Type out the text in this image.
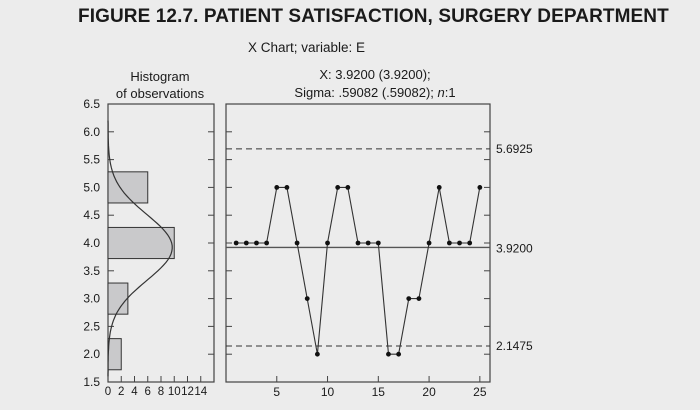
FIGURE 12.7. PATIENT SATISFACTION, SURGERY DEPARTMENT
X Chart; variable: E
Histogram
of observations
X: 3.9200 (3.9200);
Sigma: .59082 (.59082); n:1
1.5
2.0
2.5
3.0
3.5
4.0
4.5
5.0
5.5
6.0
6.5
0 2 4 6 8 10 12 14	5	10	15	20	25
5.6925
3.9200
2.1475
